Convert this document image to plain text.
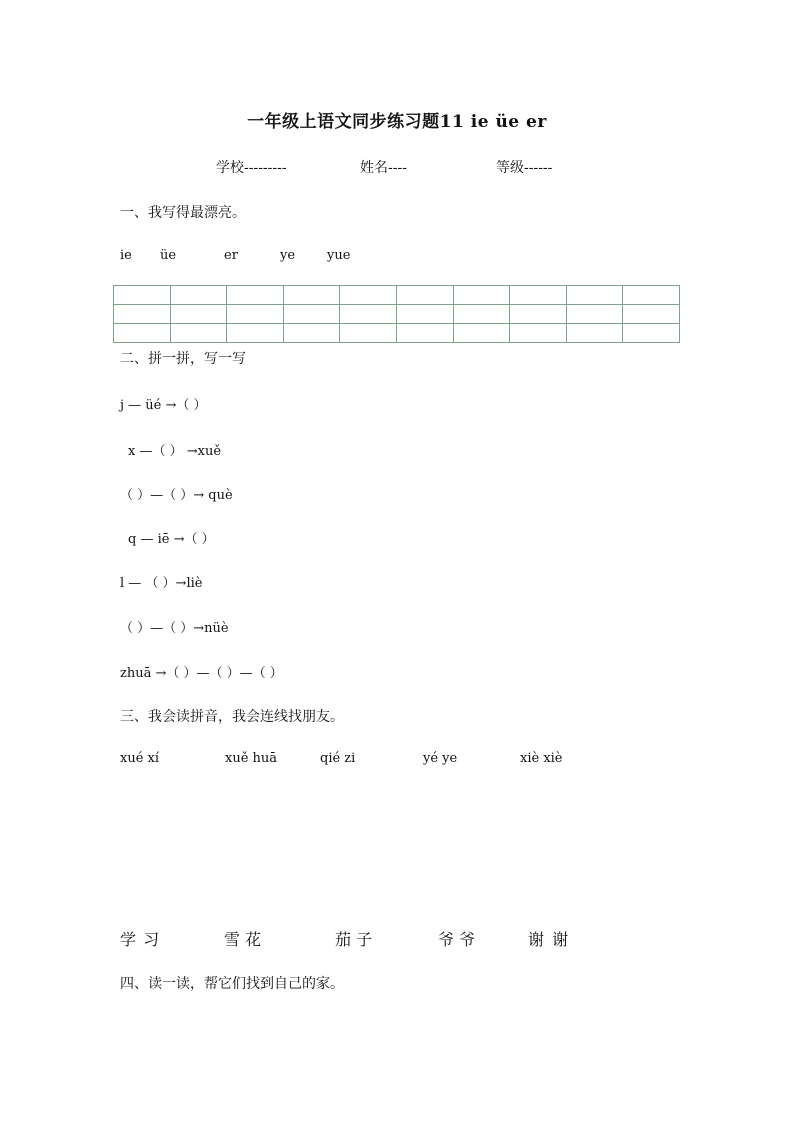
一年级上语文同步练习题11 ie üe er
学校---------	姓名----	等级------
一、我写得最漂亮。
ie üe	er	ye yue

二、拼一拼，写一写
j — üé →（ ）
x —（ ） →xuě
（ ）—（ ）→ què
q — iē →（ ）
l — （ ）→liè
（ ）—（ ）→nüè
zhuā →（ ）—（ ）—（ ）
三、我会读拼音，我会连线找朋友。
xué xí	xuě huā	qié zi	yé ye	xiè xiè
学 习	雪 花	茄 子	爷 爷	谢 谢
四、读一读，帮它们找到自己的家。
